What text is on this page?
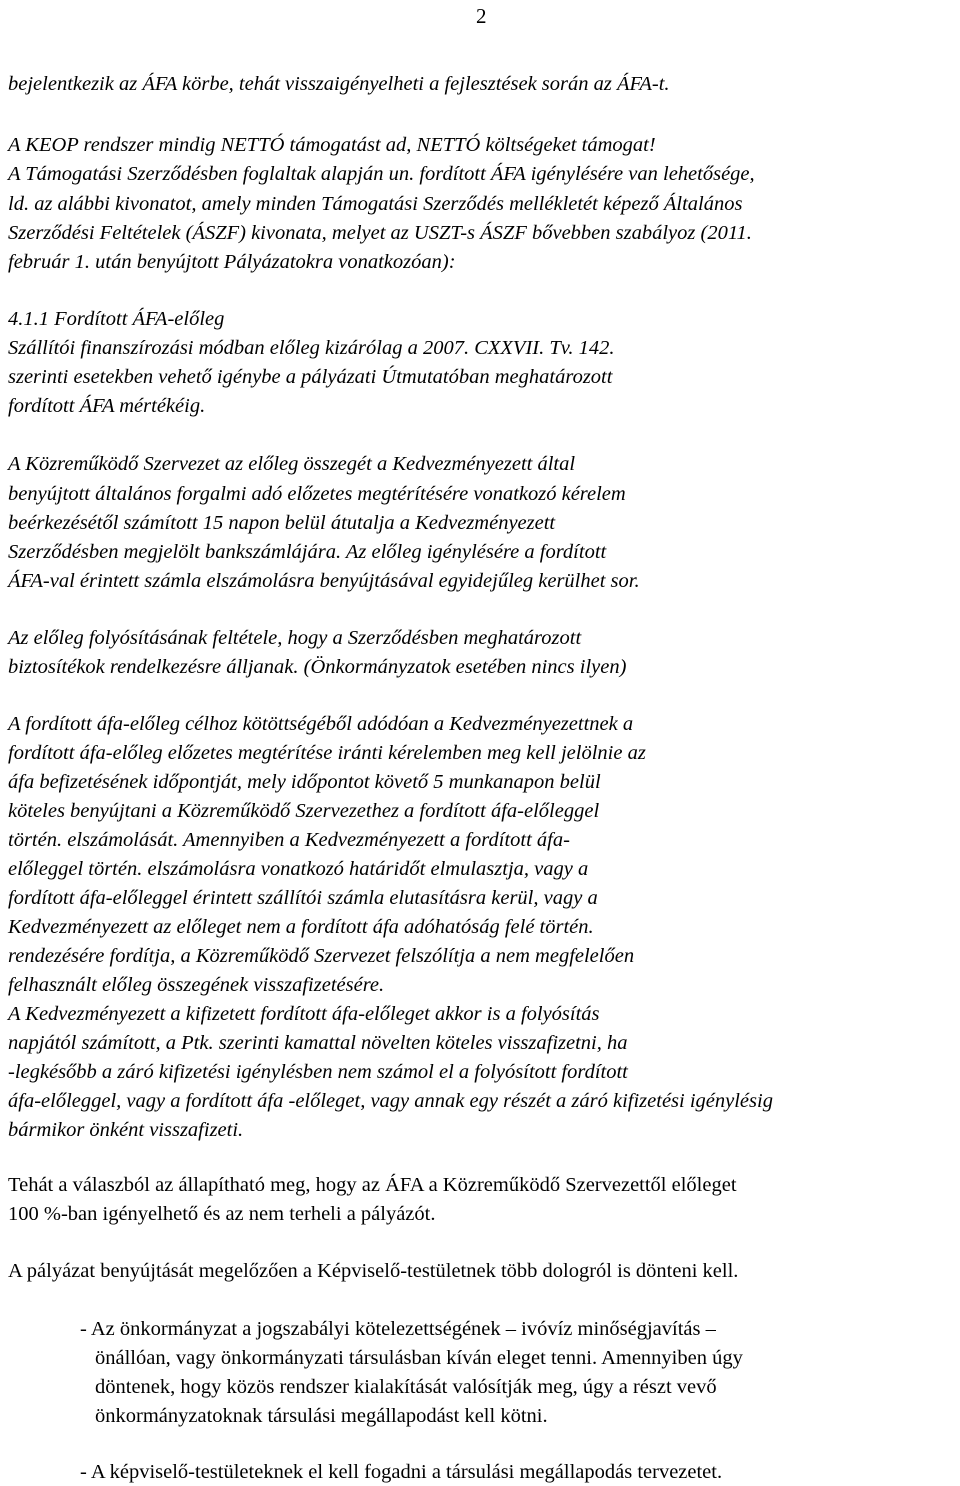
2
bejelentkezik az ÁFA körbe, tehát visszaigényelheti a fejlesztések során az ÁFA-t.
A KEOP rendszer mindig NETTÓ támogatást ad, NETTÓ költségeket támogat!
A Támogatási Szerződésben foglaltak alapján un. fordított ÁFA igénylésére van lehetősége,
ld. az alábbi kivonatot, amely minden Támogatási Szerződés mellékletét képező Általános
Szerződési Feltételek (ÁSZF) kivonata, melyet az USZT-s ÁSZF bővebben szabályoz (2011.
február 1. után benyújtott Pályázatokra vonatkozóan):
4.1.1 Fordított ÁFA-előleg
Szállítói finanszírozási módban előleg kizárólag a 2007. CXXVII. Tv. 142.
szerinti esetekben vehető igénybe a pályázati Útmutatóban meghatározott
fordított ÁFA mértékéig.
A Közreműködő Szervezet az előleg összegét a Kedvezményezett által
benyújtott általános forgalmi adó előzetes megtérítésére vonatkozó kérelem
beérkezésétől számított 15 napon belül átutalja a Kedvezményezett
Szerződésben megjelölt bankszámlájára. Az előleg igénylésére a fordított
ÁFA-val érintett számla elszámolásra benyújtásával egyidejűleg kerülhet sor.
Az előleg folyósításának feltétele, hogy a Szerződésben meghatározott
biztosítékok rendelkezésre álljanak. (Önkormányzatok esetében nincs ilyen)
A fordított áfa-előleg célhoz kötöttségéből adódóan a Kedvezményezettnek a
fordított áfa-előleg előzetes megtérítése iránti kérelemben meg kell jelölnie az
áfa befizetésének időpontját, mely időpontot követő 5 munkanapon belül
köteles benyújtani a Közreműködő Szervezethez a fordított áfa-előleggel
történ. elszámolását. Amennyiben a Kedvezményezett a fordított áfa-
előleggel történ. elszámolásra vonatkozó határidőt elmulasztja, vagy a
fordított áfa-előleggel érintett szállítói számla elutasításra kerül, vagy a
Kedvezményezett az előleget nem a fordított áfa adóhatóság felé történ.
rendezésére fordítja, a Közreműködő Szervezet felszólítja a nem megfelelően
felhasznált előleg összegének visszafizetésére.
A Kedvezményezett a kifizetett fordított áfa-előleget akkor is a folyósítás
napjától számított, a Ptk. szerinti kamattal növelten köteles visszafizetni, ha
-legkésőbb a záró kifizetési igénylésben nem számol el a folyósított fordított
áfa-előleggel, vagy a fordított áfa -előleget, vagy annak egy részét a záró kifizetési igénylésig
bármikor önként visszafizeti.
Tehát a válaszból az állapítható meg, hogy az ÁFA a Közreműködő Szervezettől előleget
100 %-ban igényelhető és az nem terheli a pályázót.
A pályázat benyújtását megelőzően a Képviselő-testületnek több dologról is dönteni kell.
- Az önkormányzat a jogszabályi kötelezettségének – ivóvíz minőségjavítás –
önállóan, vagy önkormányzati társulásban kíván eleget tenni. Amennyiben úgy
döntenek, hogy közös rendszer kialakítását valósítják meg, úgy a részt vevő
önkormányzatoknak társulási megállapodást kell kötni.
- A képviselő-testületeknek el kell fogadni a társulási megállapodás tervezetet.
